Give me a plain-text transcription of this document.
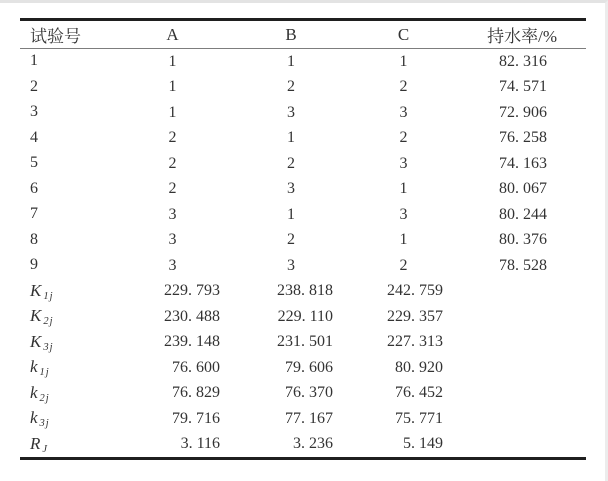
试验号	A	B	C	持水率/%
1	1	1	1	82. 316
2	1	2	2	74. 571
3	1	3	3	72. 906
4	2	1	2	76. 258
5	2	2	3	74. 163
6	2	3	1	80. 067
7	3	1	3	80. 244
8	3	2	1	80. 376
9	3	3	2	78. 528
K $_{1j}$	229. 793	238. 818	242. 759	
K $_{2j}$	230. 488	229. 110	229. 357	
K $_{3j}$	239. 148	231. 501	227. 313	
k $_{1j}$	76. 600	79. 606	80. 920	
k $_{2j}$	76. 829	76. 370	76. 452	
k $_{3j}$	79. 716	77. 167	75. 771	
R $_J$	3. 116	3. 236	5. 149	
